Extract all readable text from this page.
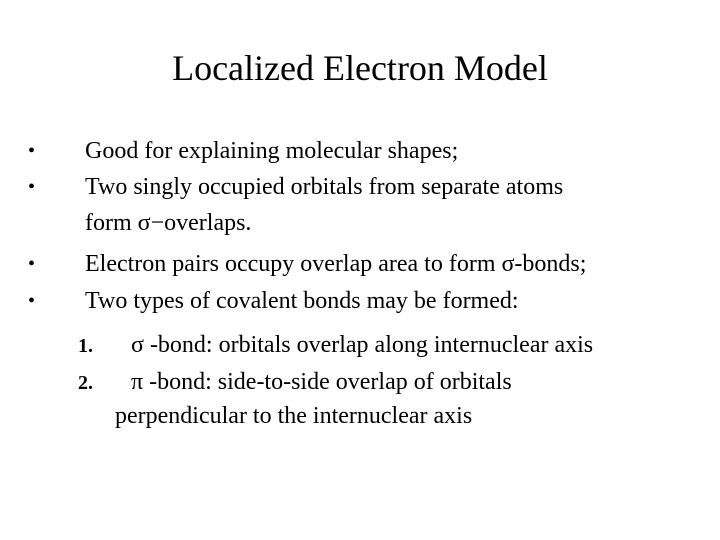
Localized Electron Model
• Good for explaining molecular shapes;
• Two singly occupied orbitals from separate atoms
form σ−overlaps.
• Electron pairs occupy overlap area to form σ-bonds;
• Two types of covalent bonds may be formed:
1. σ -bond: orbitals overlap along internuclear axis
2. π -bond: side-to-side overlap of orbitals
perpendicular to the internuclear axis
